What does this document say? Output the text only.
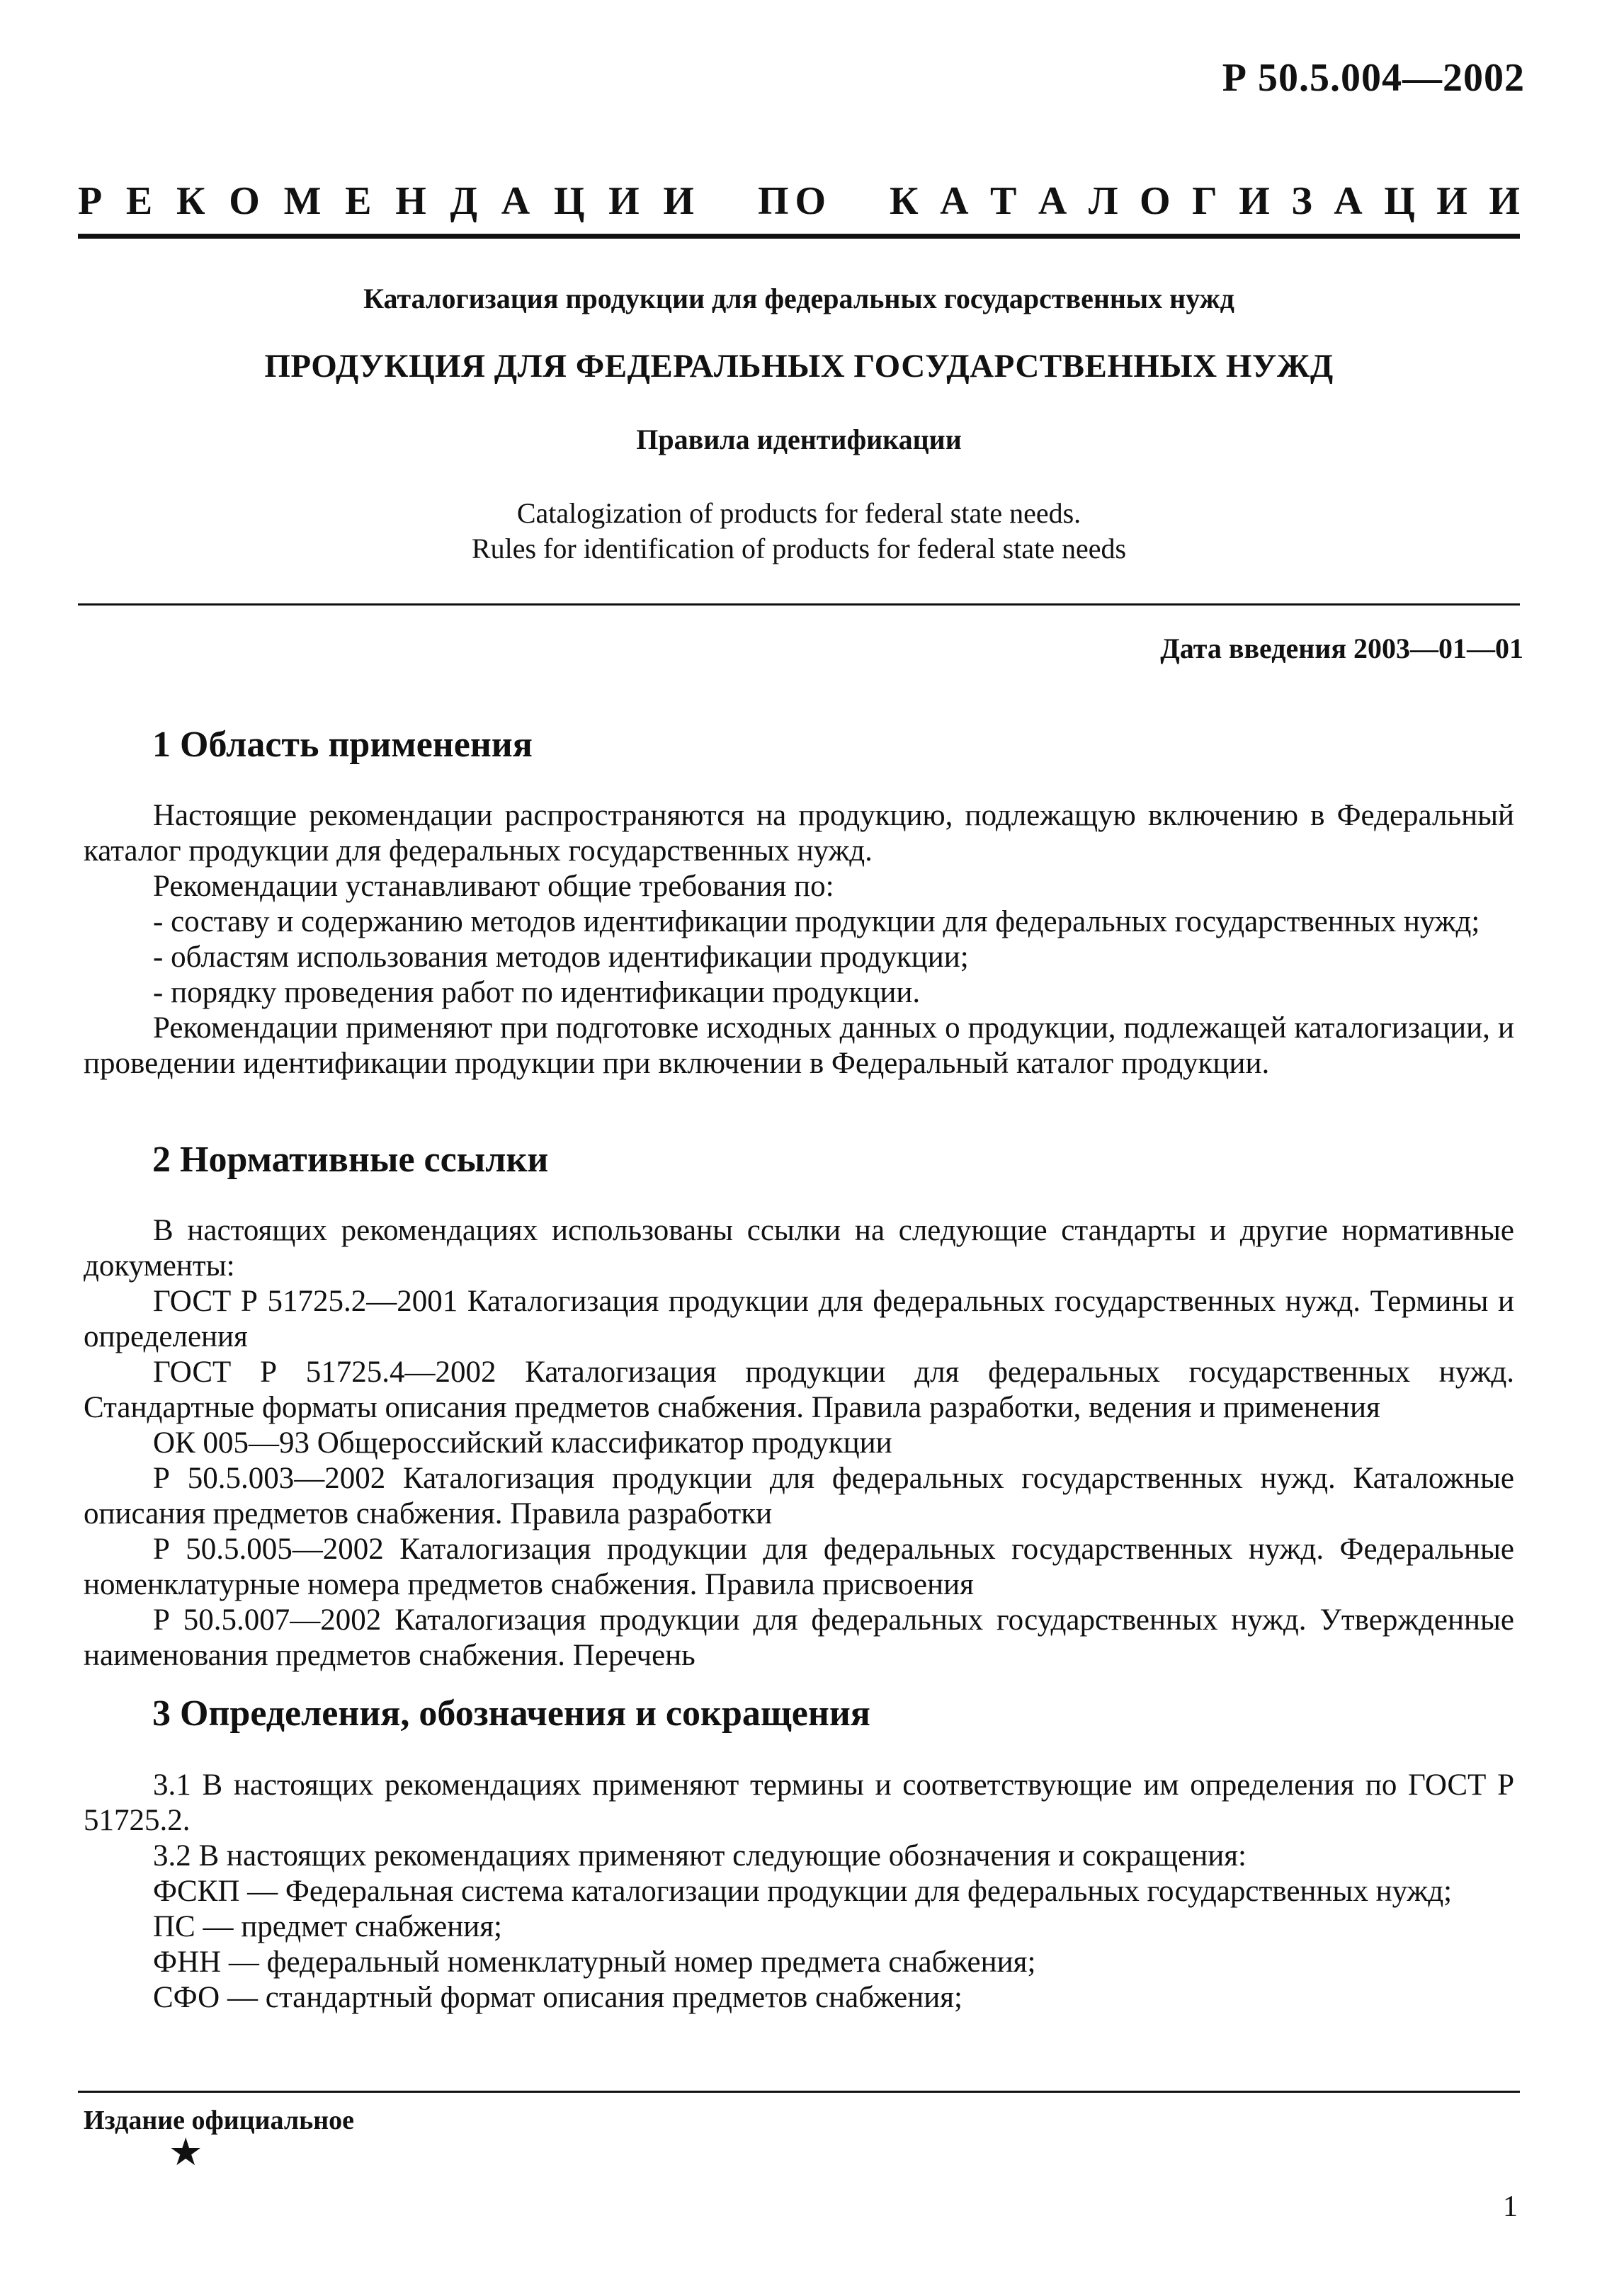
Р 50.5.004—2002
Р Е К О М Е Н Д А Ц И И П О К А Т А Л О Г И З А Ц И И
Каталогизация продукции для федеральных государственных нужд
ПРОДУКЦИЯ ДЛЯ ФЕДЕРАЛЬНЫХ ГОСУДАРСТВЕННЫХ НУЖД
Правила идентификации
Catalogization of products for federal state needs.
Rules for identification of products for federal state needs
Дата введения 2003—01—01
1 Область применения

Настоящие рекомендации распространяются на продукцию, подлежащую включению в Федеральный каталог продукции для федеральных государственных нужд.

Рекомендации устанавливают общие требования по:

- составу и содержанию методов идентификации продукции для федеральных государственных нужд;

- областям использования методов идентификации продукции;

- порядку проведения работ по идентификации продукции.

Рекомендации применяют при подготовке исходных данных о продукции, подлежащей каталогизации, и проведении идентификации продукции при включении в Федеральный каталог продукции.

2 Нормативные ссылки

В настоящих рекомендациях использованы ссылки на следующие стандарты и другие нормативные документы:

ГОСТ Р 51725.2—2001 Каталогизация продукции для федеральных государственных нужд. Термины и определения

ГОСТ Р 51725.4—2002 Каталогизация продукции для федеральных государственных нужд. Стандартные форматы описания предметов снабжения. Правила разработки, ведения и применения

ОК 005—93 Общероссийский классификатор продукции

Р 50.5.003—2002 Каталогизация продукции для федеральных государственных нужд. Каталожные описания предметов снабжения. Правила разработки

Р 50.5.005—2002 Каталогизация продукции для федеральных государственных нужд. Федеральные номенклатурные номера предметов снабжения. Правила присвоения

Р 50.5.007—2002 Каталогизация продукции для федеральных государственных нужд. Утвержденные наименования предметов снабжения. Перечень

3 Определения, обозначения и сокращения

3.1 В настоящих рекомендациях применяют термины и соответствующие им определения по ГОСТ Р 51725.2.

3.2 В настоящих рекомендациях применяют следующие обозначения и сокращения:

ФСКП — Федеральная система каталогизации продукции для федеральных государственных нужд;

ПС — предмет снабжения;

ФНН — федеральный номенклатурный номер предмета снабжения;

СФО — стандартный формат описания предметов снабжения;

Издание официальное
★
1
